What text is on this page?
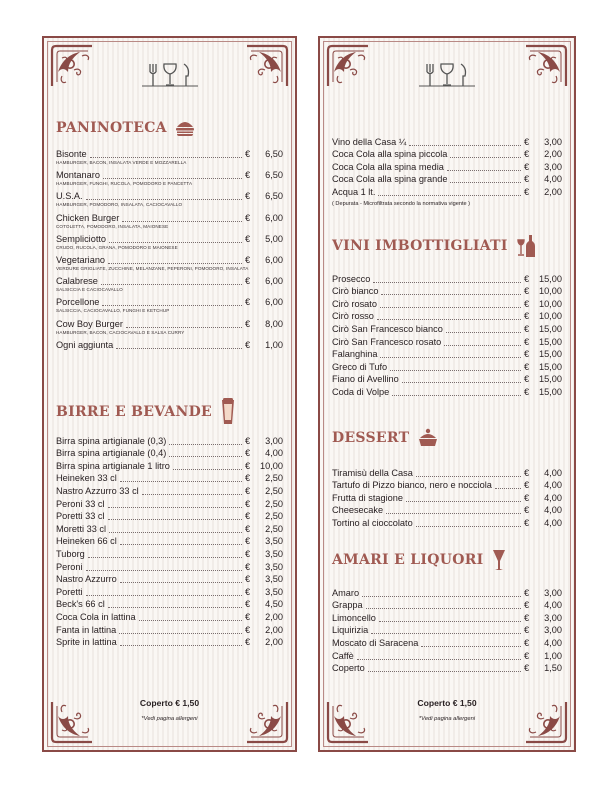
PANINOTECA
Bisonte	€	6,50
HAMBURGER, BACON, INSALATA VERDE E MOZZARELLA
Montanaro	€	6,50
HAMBURGER, FUNGHI, RUCOLA, POMODORO E PANCETTA
U.S.A.	€	6,50
HAMBURGER, POMODORO, INSALATA, CACIOCAVALLO
Chicken Burger	€	6,00
COTOLETTA, POMODORO, INSALATA, MAIONESE
Sempliciotto	€	5,00
CRUDO, RUCOLA, GRANA, POMODORO E MAIONESE
Vegetariano	€	6,00
VERDURE GRIGLIATE, ZUCCHINE, MELANZANE, PEPERONI, POMODORO, INSALATA
Calabrese	€	6,00
SALSICCIA E CACIOCAVALLO
Porcellone	€	6,00
SALSICCIA, CACIOCAVALLO, FUNGHI E KETCHUP
Cow Boy Burger	€	8,00
HAMBURGER, BACON, CACIOCAVALLO E SALSA CURRY
Ogni aggiunta	€	1,00
BIRRE E BEVANDE
Birra spina artigianale (0,3)	€	3,00
Birra spina artigianale (0,4)	€	4,00
Birra spina artigianale 1 litro	€	10,00
Heineken 33 cl	€	2,50
Nastro Azzurro 33 cl	€	2,50
Peroni 33 cl	€	2,50
Poretti 33 cl	€	2,50
Moretti 33 cl	€	2,50
Heineken 66 cl	€	3,50
Tuborg	€	3,50
Peroni	€	3,50
Nastro Azzurro	€	3,50
Poretti	€	3,50
Beck's 66 cl	€	4,50
Coca Cola in lattina	€	2,00
Fanta in lattina	€	2,00
Sprite in lattina	€	2,00
Coperto € 1,50
*Vedi pagina allergeni
Vino della Casa ¼	€	3,00
Coca Cola alla spina piccola	€	2,00
Coca Cola alla spina media	€	3,00
Coca Cola alla spina grande	€	4,00
Acqua 1 lt.	€	2,00
( Depurata - Microfiltrata secondo la normativa vigente )
VINI IMBOTTIGLIATI
Prosecco	€	15,00
Cirò bianco	€	10,00
Cirò rosato	€	10,00
Cirò rosso	€	10,00
Cirò San Francesco bianco	€	15,00
Cirò San Francesco rosato	€	15,00
Falanghina	€	15,00
Greco di Tufo	€	15,00
Fiano di Avellino	€	15,00
Coda di Volpe	€	15,00
DESSERT
Tiramisù della Casa	€	4,00
Tartufo di Pizzo bianco, nero e nocciola	€	4,00
Frutta di stagione	€	4,00
Cheesecake	€	4,00
Tortino al cioccolato	€	4,00
AMARI E LIQUORI
Amaro	€	3,00
Grappa	€	4,00
Limoncello	€	3,00
Liquirizia	€	3,00
Moscato di Saracena	€	4,00
Caffè	€	1,00
Coperto	€	1,50
Coperto € 1,50
*Vedi pagina allergeni
